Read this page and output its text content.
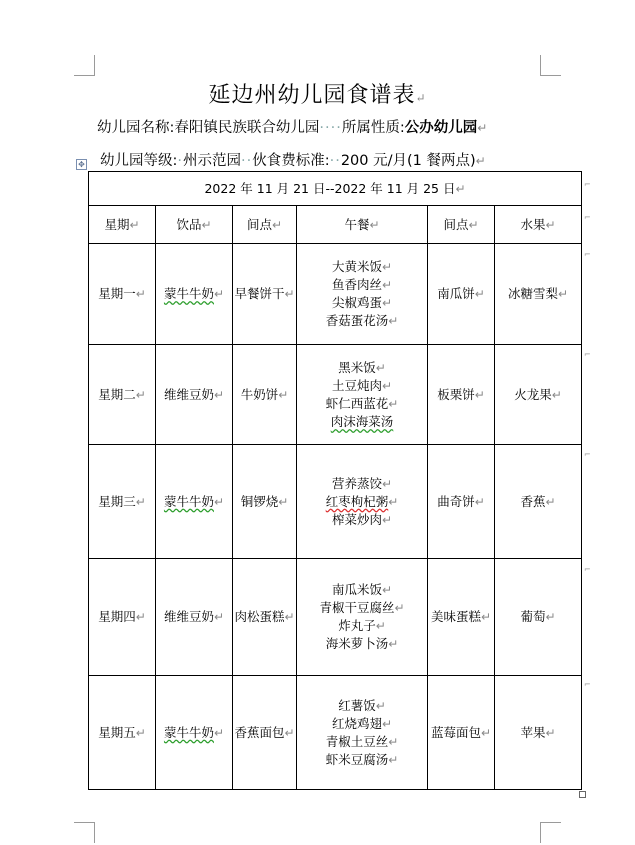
延边州幼儿园食谱表↵
幼儿园名称:春阳镇民族联合幼儿园····所属性质:公办幼儿园↵
✥ 幼儿园等级:·州示范园··伙食费标准:··200 元/月(1 餐两点)↵
2022 年 11 月 21 日--2022 年 11 月 25 日↵					
星期↵	饮品↵	间点↵	午餐↵	间点↵	水果↵
星期一↵	蒙牛牛奶↵	早餐饼干↵	大黄米饭↵
鱼香肉丝↵
尖椒鸡蛋↵
香菇蛋花汤↵	南瓜饼↵	冰糖雪梨↵
星期二↵	维维豆奶↵	牛奶饼↵	黑米饭↵
土豆炖肉↵
虾仁西蓝花↵
肉沫海菜汤	板栗饼↵	火龙果↵
星期三↵	蒙牛牛奶↵	铜锣烧↵	营养蒸饺↵
红枣枸杞粥↵
榨菜炒肉↵	曲奇饼↵	香蕉↵
星期四↵	维维豆奶↵	肉松蛋糕↵	南瓜米饭↵
青椒干豆腐丝↵
炸丸子↵
海米萝卜汤↵	美味蛋糕↵	葡萄↵
星期五↵	蒙牛牛奶↵	香蕉面包↵	红薯饭↵
红烧鸡翅↵
青椒土豆丝↵
虾米豆腐汤↵	蓝莓面包↵	苹果↵
⌐
⌐
⌐
⌐
⌐
⌐
⌐
